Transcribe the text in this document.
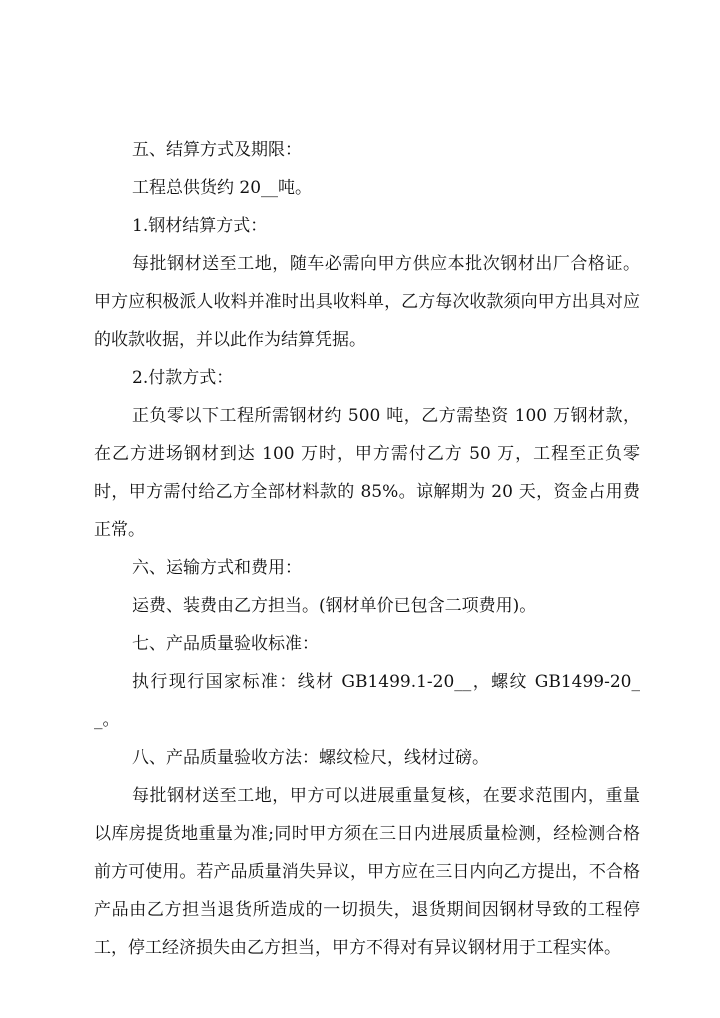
五、结算方式及期限：

工程总供货约 20__吨。

1.钢材结算方式：

每批钢材送至工地，随车必需向甲方供应本批次钢材出厂合格证。甲方应积极派人收料并准时出具收料单，乙方每次收款须向甲方出具对应的收款收据，并以此作为结算凭据。

2.付款方式：

正负零以下工程所需钢材约 500 吨，乙方需垫资 100 万钢材款，在乙方进场钢材到达 100 万时，甲方需付乙方 50 万，工程至正负零时，甲方需付给乙方全部材料款的 85%。谅解期为 20 天，资金占用费正常。

六、运输方式和费用：

运费、装费由乙方担当。(钢材单价已包含二项费用)。

七、产品质量验收标准：

执行现行国家标准：线材 GB1499.1-20__，螺纹 GB1499-20__。

八、产品质量验收方法：螺纹检尺，线材过磅。

每批钢材送至工地，甲方可以进展重量复核，在要求范围内，重量以库房提货地重量为准;同时甲方须在三日内进展质量检测，经检测合格前方可使用。若产品质量消失异议，甲方应在三日内向乙方提出，不合格产品由乙方担当退货所造成的一切损失，退货期间因钢材导致的工程停工，停工经济损失由乙方担当，甲方不得对有异议钢材用于工程实体。
